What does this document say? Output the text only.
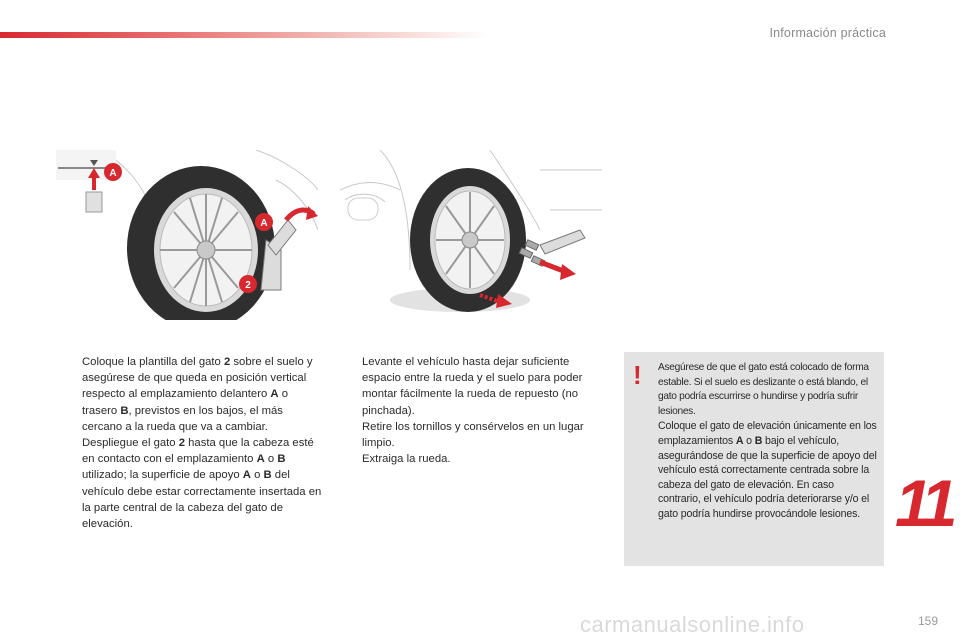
Información práctica
A
A
2

Coloque la plantilla del gato 2 sobre el suelo y asegúrese de que queda en posición vertical respecto al emplazamiento delantero A o trasero B, previstos en los bajos, el más cercano a la rueda que va a cambiar.

Despliegue el gato 2 hasta que la cabeza esté en contacto con el emplazamiento A o B utilizado; la superficie de apoyo A o B del vehículo debe estar correctamente insertada en la parte central de la cabeza del gato de elevación.

Levante el vehículo hasta dejar suficiente espacio entre la rueda y el suelo para poder montar fácilmente la rueda de repuesto (no pinchada).

Retire los tornillos y consérvelos en un lugar limpio.

Extraiga la rueda.

! Asegúrese de que el gato está colocado de forma estable. Si el suelo es deslizante o está blando, el gato podría escurrirse o hundirse y podría sufrir lesiones.

Coloque el gato de elevación únicamente en los emplazamientos A o B bajo el vehículo, asegurándose de que la superficie de apoyo del vehículo está correctamente centrada sobre la cabeza del gato de elevación. En caso contrario, el vehículo podría deteriorarse y/o el gato podría hundirse provocándole lesiones. 11
carmanualsonline.info	159
